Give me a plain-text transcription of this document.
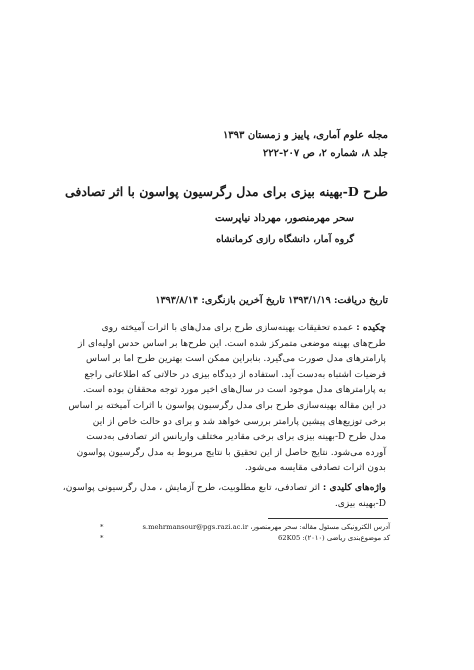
مجله علوم آماری، پاییز و زمستان ۱۳۹۳
جلد ۸، شماره ۲، ص ۲۰۷-۲۲۲
طرح D-بهینه بیزی برای مدل رگرسیون پواسون با اثر تصادفی
سحر مهرمنصور، مهرداد نیاپرست
گروه آمار، دانشگاه رازی کرمانشاه
تاریخ دریافت: ۱۳۹۳/۱/۱۹ تاریخ آخرین بازنگری: ۱۳۹۳/۸/۱۴
چکیده : عمده تحقیقات بهینه‌سازی طرح برای مدل‌های با اثرات آمیخته روی
طرح‌های بهینه موضعی متمرکز شده است. این طرح‌ها بر اساس حدس اولیه‌ای از
پارامترهای مدل صورت می‌گیرد. بنابراین ممکن است بهترین طرح اما بر اساس
فرضیات اشتباه به‌دست آید. استفاده از دیدگاه بیزی در حالاتی که اطلاعاتی راجع
به پارامترهای مدل موجود است در سال‌های اخیر مورد توجه محققان بوده است.
در این مقاله بهینه‌سازی طرح برای مدل رگرسیون پواسون با اثرات آمیخته بر اساس
برخی توزیع‌های پیشین پارامتر بررسی خواهد شد و برای دو حالت خاص از این
مدل طرح D-بهینه بیزی برای برخی مقادیر مختلف واریانس اثر تصادفی به‌دست
آورده می‌شود. نتایج حاصل از این تحقیق با نتایج مربوط به مدل رگرسیون پواسون
بدون اثرات تصادفی مقایسه می‌شود.
واژه‌های کلیدی : اثر تصادفی، تابع مطلوبیت، طرح آزمایش ، مدل رگرسیونی پواسون،
D-بهینه بیزی.
*	آدرس الکترونیکی مسئول مقاله: سحر مهرمنصور، s.mehrmansour@pgs.razi.ac.ir
*	کد موضوع‌بندی ریاضی (۲۰۱۰): 62K05
